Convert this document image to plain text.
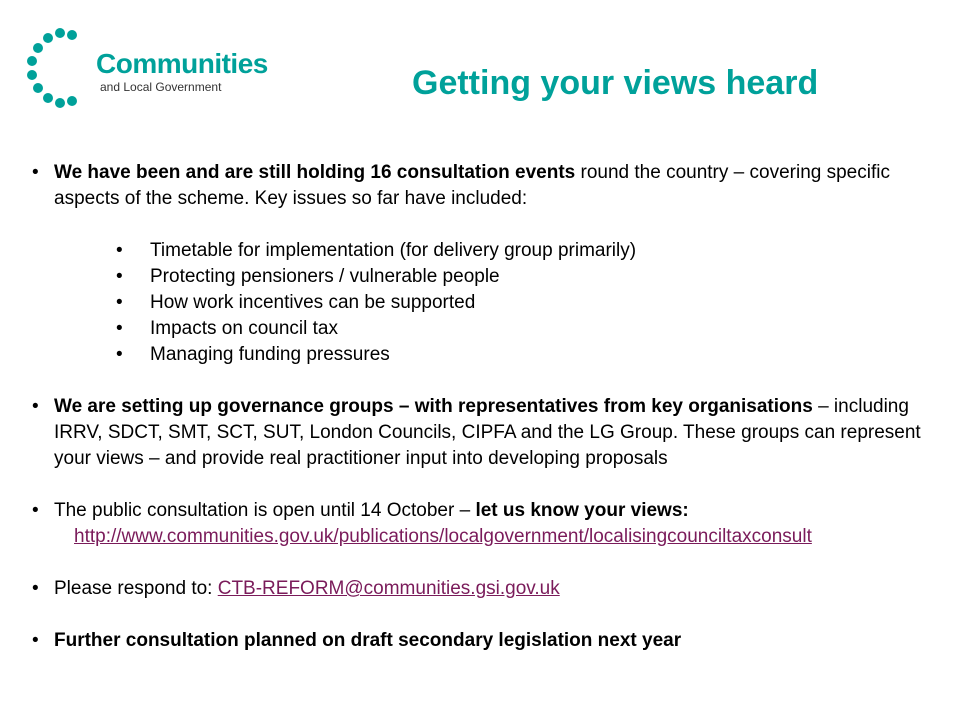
Communities
and Local Government	Getting your views heard
• We have been and are still holding 16 consultation events round the country – covering specific aspects of the scheme. Key issues so far have included:
• Timetable for implementation (for delivery group primarily)
• Protecting pensioners / vulnerable people
• How work incentives can be supported
• Impacts on council tax
• Managing funding pressures
• We are setting up governance groups – with representatives from key organisations – including IRRV, SDCT, SMT, SCT, SUT, London Councils, CIPFA and the LG Group. These groups can represent your views – and provide real practitioner input into developing proposals
• The public consultation is open until 14 October – let us know your views:
http://www.communities.gov.uk/publications/localgovernment/localisingcounciltaxconsult
• Please respond to: CTB-REFORM@communities.gsi.gov.uk
• Further consultation planned on draft secondary legislation next year
